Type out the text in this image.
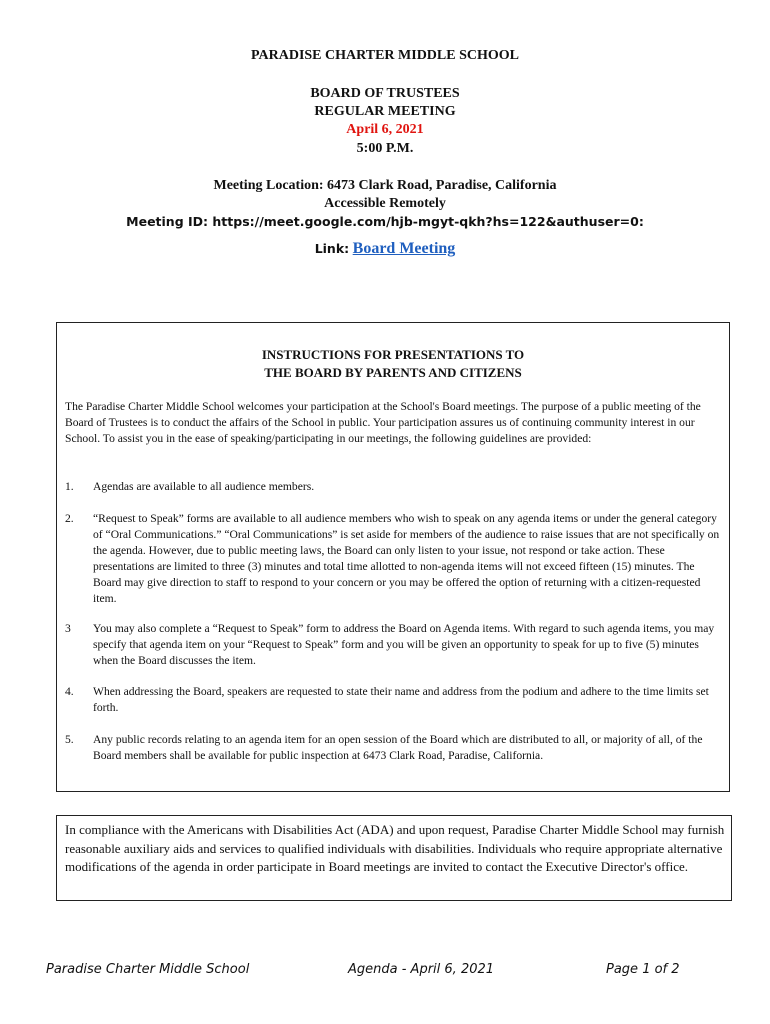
PARADISE CHARTER MIDDLE SCHOOL
BOARD OF TRUSTEES
REGULAR MEETING
April 6, 2021
5:00 P.M.
Meeting Location: 6473 Clark Road, Paradise, California
Accessible Remotely
Meeting ID: https://meet.google.com/hjb-mgyt-qkh?hs=122&authuser=0:
Link: Board Meeting
INSTRUCTIONS FOR PRESENTATIONS TO
THE BOARD BY PARENTS AND CITIZENS
The Paradise Charter Middle School welcomes your participation at the School's Board meetings. The purpose of a public meeting of the Board of Trustees is to conduct the affairs of the School in public. Your participation assures us of continuing community interest in our School. To assist you in the ease of speaking/participating in our meetings, the following guidelines are provided:
1. Agendas are available to all audience members.
2. “Request to Speak” forms are available to all audience members who wish to speak on any agenda items or under the general category of “Oral Communications.” “Oral Communications” is set aside for members of the audience to raise issues that are not specifically on the agenda. However, due to public meeting laws, the Board can only listen to your issue, not respond or take action. These presentations are limited to three (3) minutes and total time allotted to non-agenda items will not exceed fifteen (15) minutes. The Board may give direction to staff to respond to your concern or you may be offered the option of returning with a citizen-requested item.
3 You may also complete a “Request to Speak” form to address the Board on Agenda items. With regard to such agenda items, you may specify that agenda item on your “Request to Speak” form and you will be given an opportunity to speak for up to five (5) minutes when the Board discusses the item.
4. When addressing the Board, speakers are requested to state their name and address from the podium and adhere to the time limits set forth.
5. Any public records relating to an agenda item for an open session of the Board which are distributed to all, or majority of all, of the Board members shall be available for public inspection at 6473 Clark Road, Paradise, California.
In compliance with the Americans with Disabilities Act (ADA) and upon request, Paradise Charter Middle School may furnish reasonable auxiliary aids and services to qualified individuals with disabilities. Individuals who require appropriate alternative modifications of the agenda in order participate in Board meetings are invited to contact the Executive Director's office.
Paradise Charter Middle School	Agenda - April 6, 2021	Page 1 of 2
